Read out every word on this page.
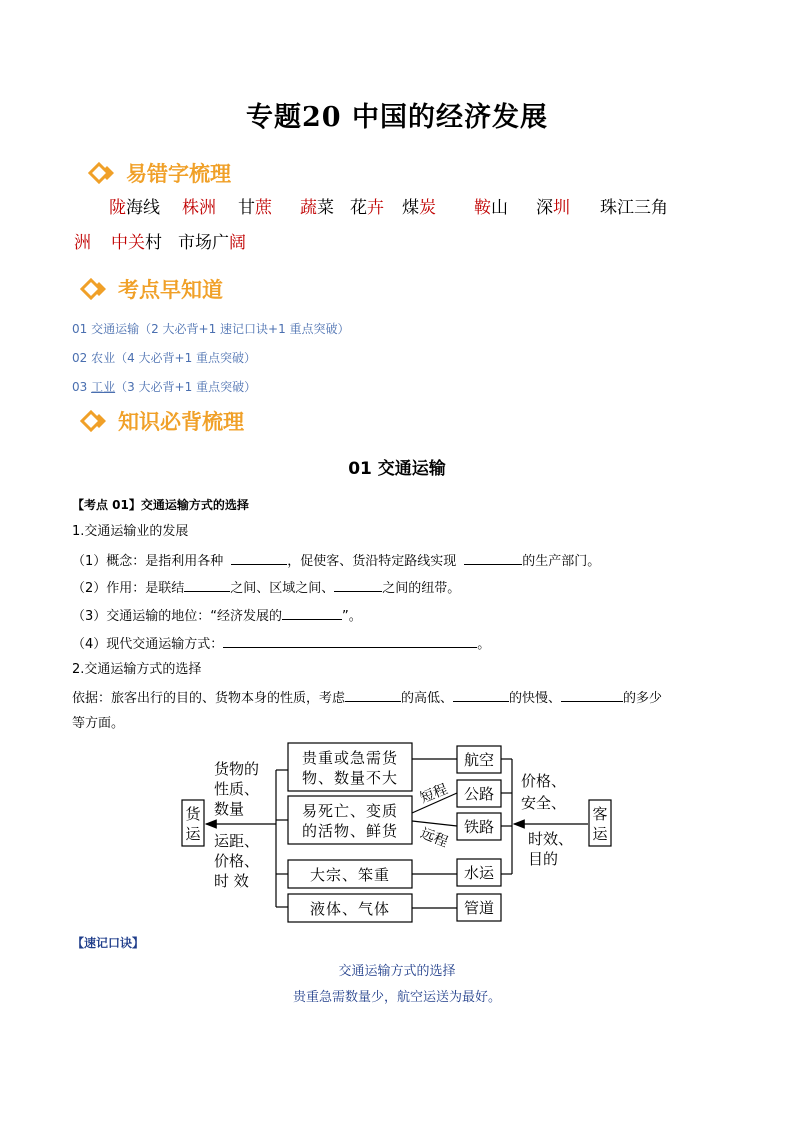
专题20 中国的经济发展
易错字梳理
陇海线 株洲 甘蔗 蔬菜 花卉 煤炭 鞍山 深圳 珠江三角
洲 中关村 市场广阔
考点早知道
01 交通运输（2 大必背+1 速记口诀+1 重点突破）
02 农业（4 大必背+1 重点突破）
03 工业（3 大必背+1 重点突破）
知识必背梳理
01 交通运输
【考点 01】交通运输方式的选择
1.交通运输业的发展
（1）概念：是指利用各种	，促使客、货沿特定路线实现	的生产部门。
（2）作用：是联结	之间、区域之间、	之间的纽带。
（3）交通运输的地位：“经济发展的	”。
（4）现代交通运输方式：	。
2.交通运输方式的选择
依据：旅客出行的目的、货物本身的性质，考虑	的高低、	的快慢、	的多少
等方面。
货
运
客
运
货物的
性质、
数量
运距、
价格、
时 效
价格、
安全、
时效、
目的
贵重或急需货
物、数量不大
易死亡、变质
的活物、鲜货
大宗、笨重
液体、气体
航空
公路
铁路
水运
管道
短程
远程
【速记口诀】
交通运输方式的选择
贵重急需数量少，航空运送为最好。
